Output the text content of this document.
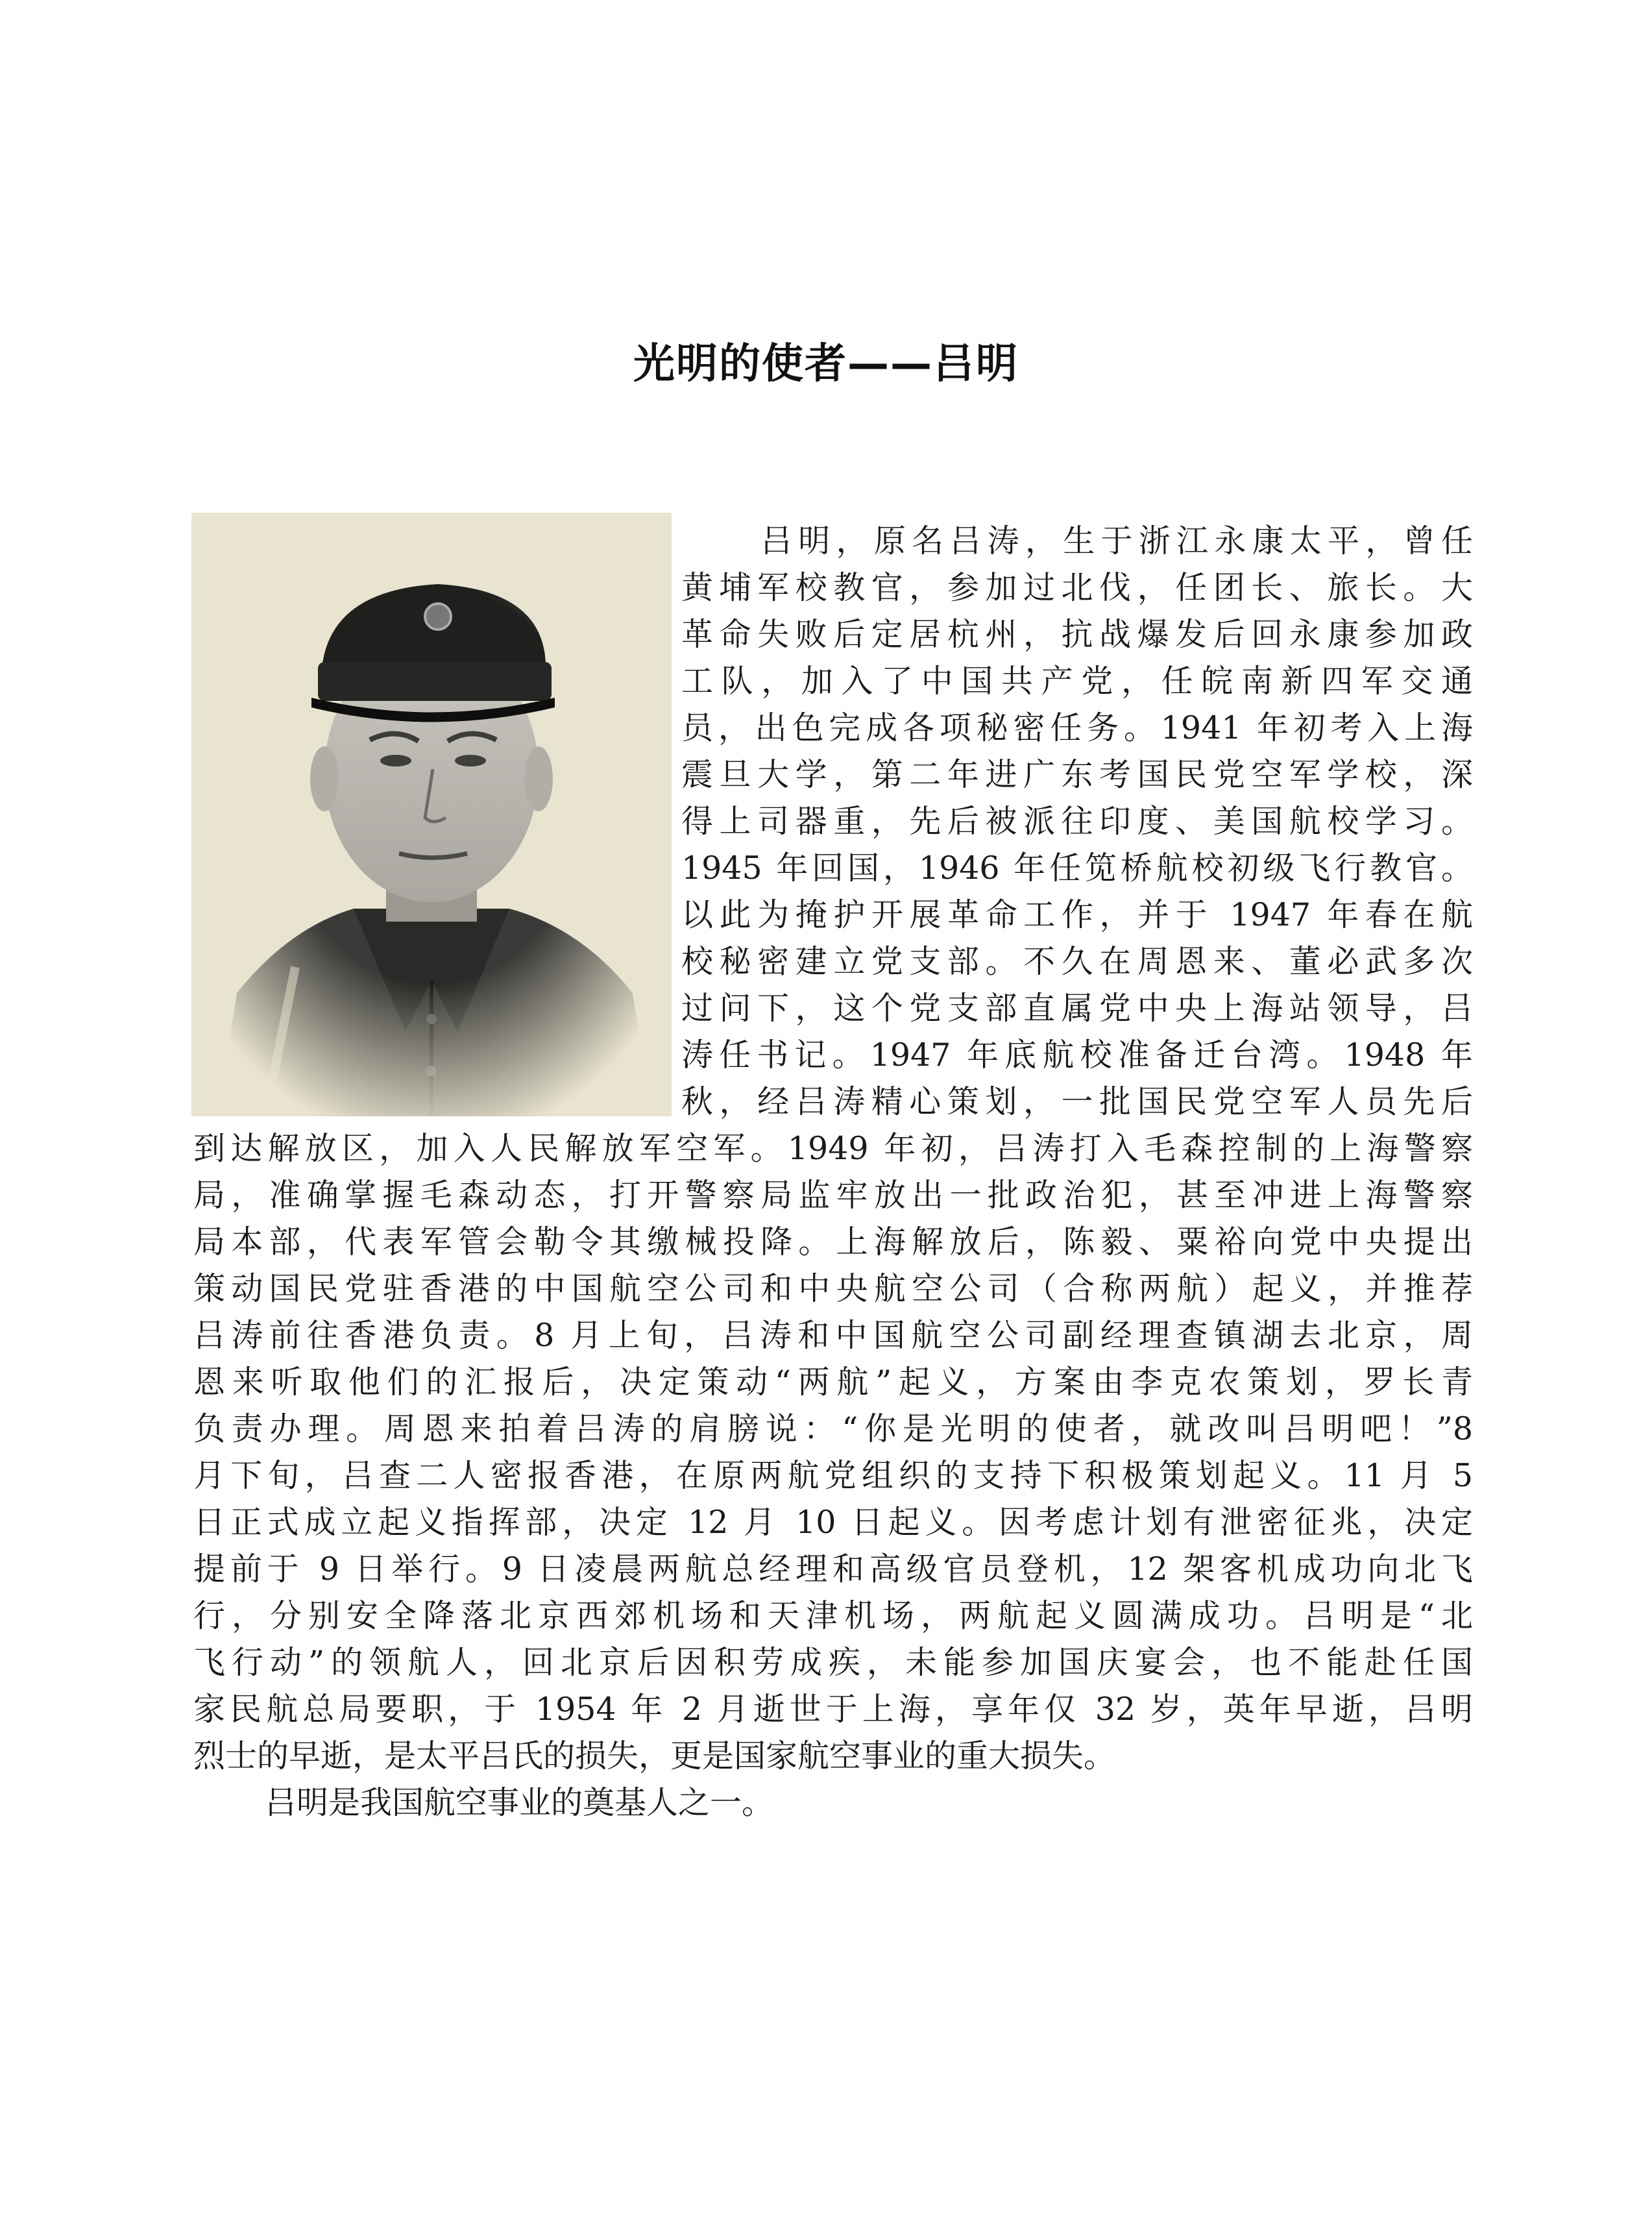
光明的使者——吕明
吕明，原名吕涛，生于浙江永康太平，曾任
黄埔军校教官，参加过北伐，任团长、旅长。大
革命失败后定居杭州，抗战爆发后回永康参加政
工队，加入了中国共产党，任皖南新四军交通
员，出色完成各项秘密任务。1941 年初考入上海
震旦大学，第二年进广东考国民党空军学校，深
得上司器重，先后被派往印度、美国航校学习。
1945 年回国，1946 年任笕桥航校初级飞行教官。
以此为掩护开展革命工作，并于 1947 年春在航
校秘密建立党支部。不久在周恩来、董必武多次
过问下，这个党支部直属党中央上海站领导，吕
涛任书记。1947 年底航校准备迁台湾。1948 年
秋，经吕涛精心策划，一批国民党空军人员先后
到达解放区，加入人民解放军空军。1949 年初，吕涛打入毛森控制的上海警察
局，准确掌握毛森动态，打开警察局监牢放出一批政治犯，甚至冲进上海警察
局本部，代表军管会勒令其缴械投降。上海解放后，陈毅、粟裕向党中央提出
策动国民党驻香港的中国航空公司和中央航空公司（合称两航）起义，并推荐
吕涛前往香港负责。8 月上旬，吕涛和中国航空公司副经理查镇湖去北京，周
恩来听取他们的汇报后，决定策动“两航”起义，方案由李克农策划，罗长青
负责办理。周恩来拍着吕涛的肩膀说：“你是光明的使者，就改叫吕明吧！”8
月下旬，吕查二人密报香港，在原两航党组织的支持下积极策划起义。11 月 5
日正式成立起义指挥部，决定 12 月 10 日起义。因考虑计划有泄密征兆，决定
提前于 9 日举行。9 日凌晨两航总经理和高级官员登机，12 架客机成功向北飞
行，分别安全降落北京西郊机场和天津机场，两航起义圆满成功。吕明是“北
飞行动”的领航人，回北京后因积劳成疾，未能参加国庆宴会，也不能赴任国
家民航总局要职，于 1954 年 2 月逝世于上海，享年仅 32 岁，英年早逝，吕明
烈士的早逝，是太平吕氏的损失，更是国家航空事业的重大损失。
吕明是我国航空事业的奠基人之一。
